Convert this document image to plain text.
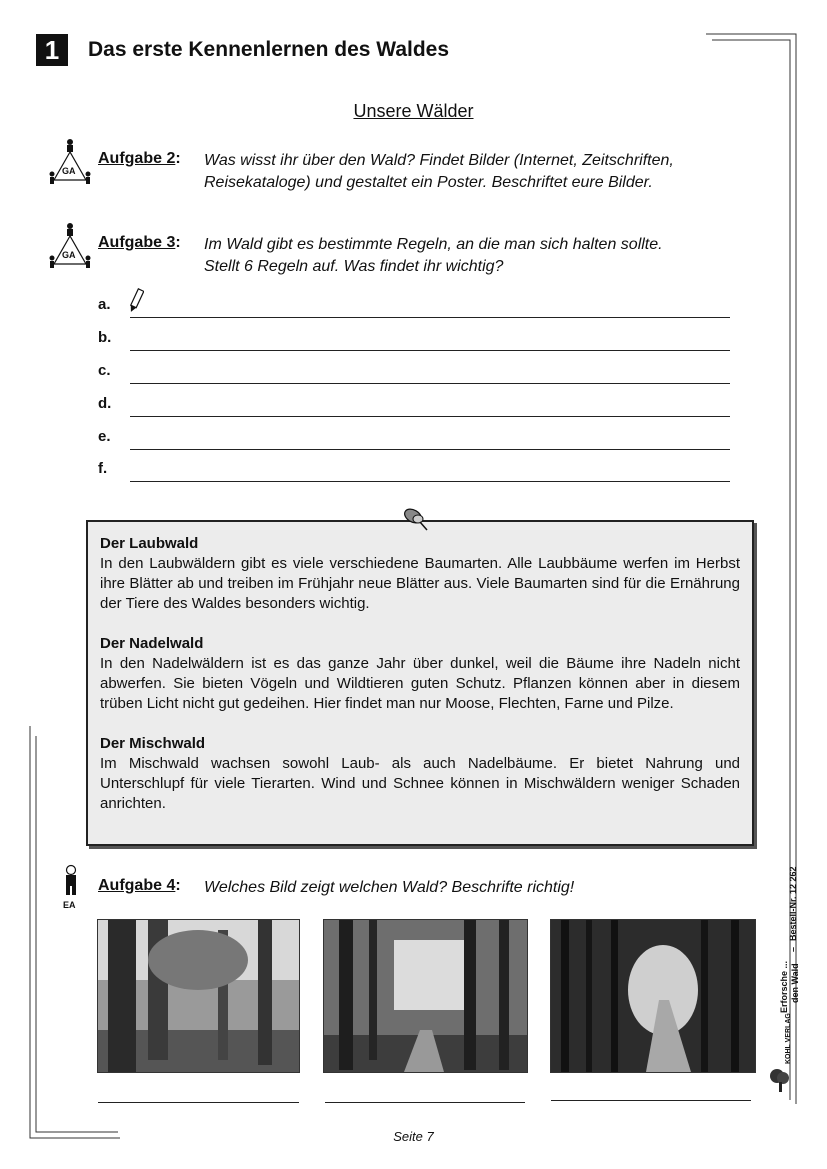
1	Das erste Kennenlernen des Waldes
Unsere Wälder
GA
Aufgabe 2: Was wisst ihr über den Wald? Findet Bilder (Internet, Zeitschriften,
Reisekataloge) und gestaltet ein Poster. Beschriftet eure Bilder.
GA
Aufgabe 3: Im Wald gibt es bestimmte Regeln, an die man sich halten sollte.
Stellt 6 Regeln auf. Was findet ihr wichtig?
a.
b.
c.
d.
e.
f.
Der Laubwald

In den Laubwäldern gibt es viele verschiedene Baumarten. Alle Laubbäume werfen im Herbst ihre Blätter ab und treiben im Frühjahr neue Blätter aus. Viele Baumarten sind für die Ernährung der Tiere des Waldes besonders wichtig.

Der Nadelwald

In den Nadelwäldern ist es das ganze Jahr über dunkel, weil die Bäume ihre Nadeln nicht abwerfen. Sie bieten Vögeln und Wildtieren guten Schutz. Pflanzen können aber in diesem trüben Licht nicht gut gedeihen. Hier findet man nur Moose, Flechten, Farne und Pilze.

Der Mischwald

Im Mischwald wachsen sowohl Laub- als auch Nadelbäume. Er bietet Nahrung und Unterschlupf für viele Tierarten. Wind und Schnee können in Mischwäldern weniger Schaden anrichten.

EA
Aufgabe 4: Welches Bild zeigt welchen Wald? Beschrifte richtig!	Bestell-Nr. 12 262
–
Erforsche ... den Wald
KOHL VERLAG
Seite 7
